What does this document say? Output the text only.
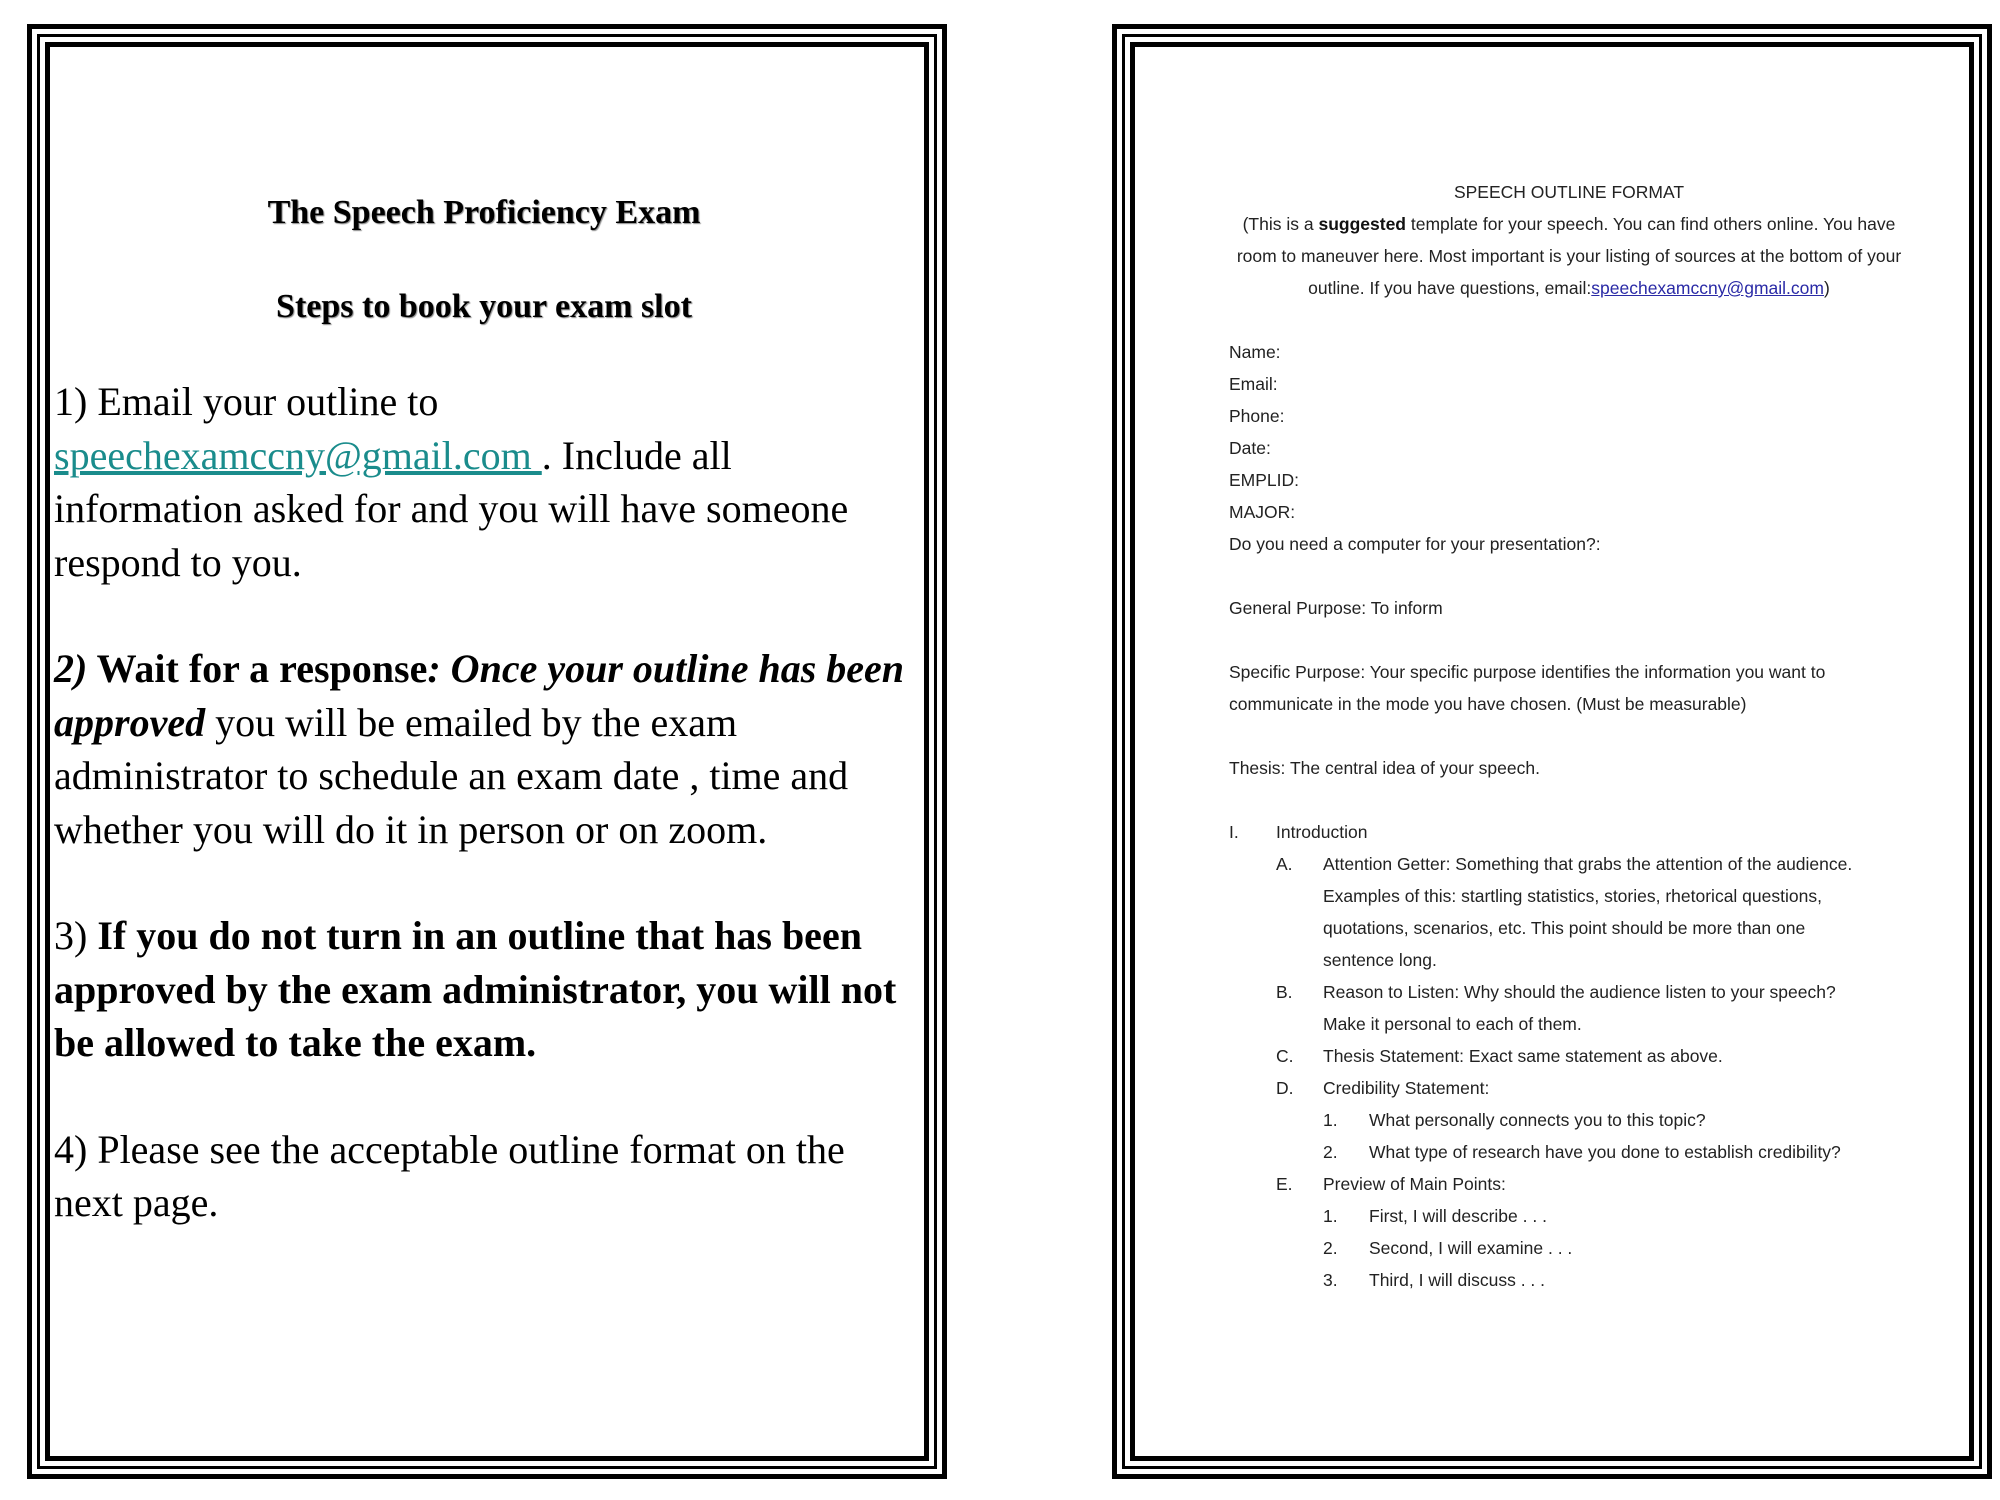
The Speech Proficiency Exam

Steps to book your exam slot

1) Email your outline to speechexamccny@gmail.com . Include all information asked for and you will have someone respond to you.

2) Wait for a response: Once your outline has been approved you will be emailed by the exam administrator to schedule an exam date , time and whether you will do it in person or on zoom.

3) If you do not turn in an outline that has been approved by the exam administrator, you will not be allowed to take the exam.

4) Please see the acceptable outline format on the next page.

SPEECH OUTLINE FORMAT

(This is a suggested template for your speech. You can find others online. You have room to maneuver here. Most important is your listing of sources at the bottom of your outline. If you have questions, email:speechexamccny@gmail.com)

Name:

Email:

Phone:

Date:

EMPLID:

MAJOR:

Do you need a computer for your presentation?:

General Purpose: To inform

Specific Purpose: Your specific purpose identifies the information you want to communicate in the mode you have chosen. (Must be measurable)

Thesis: The central idea of your speech.

I. Introduction
A. Attention Getter: Something that grabs the attention of the audience. Examples of this: startling statistics, stories, rhetorical questions, quotations, scenarios, etc. This point should be more than one sentence long.
B. Reason to Listen: Why should the audience listen to your speech? Make it personal to each of them.
C. Thesis Statement: Exact same statement as above.
D. Credibility Statement:
1. What personally connects you to this topic?
2. What type of research have you done to establish credibility?
E. Preview of Main Points:
1. First, I will describe . . .
2. Second, I will examine . . .
3. Third, I will discuss . . .
